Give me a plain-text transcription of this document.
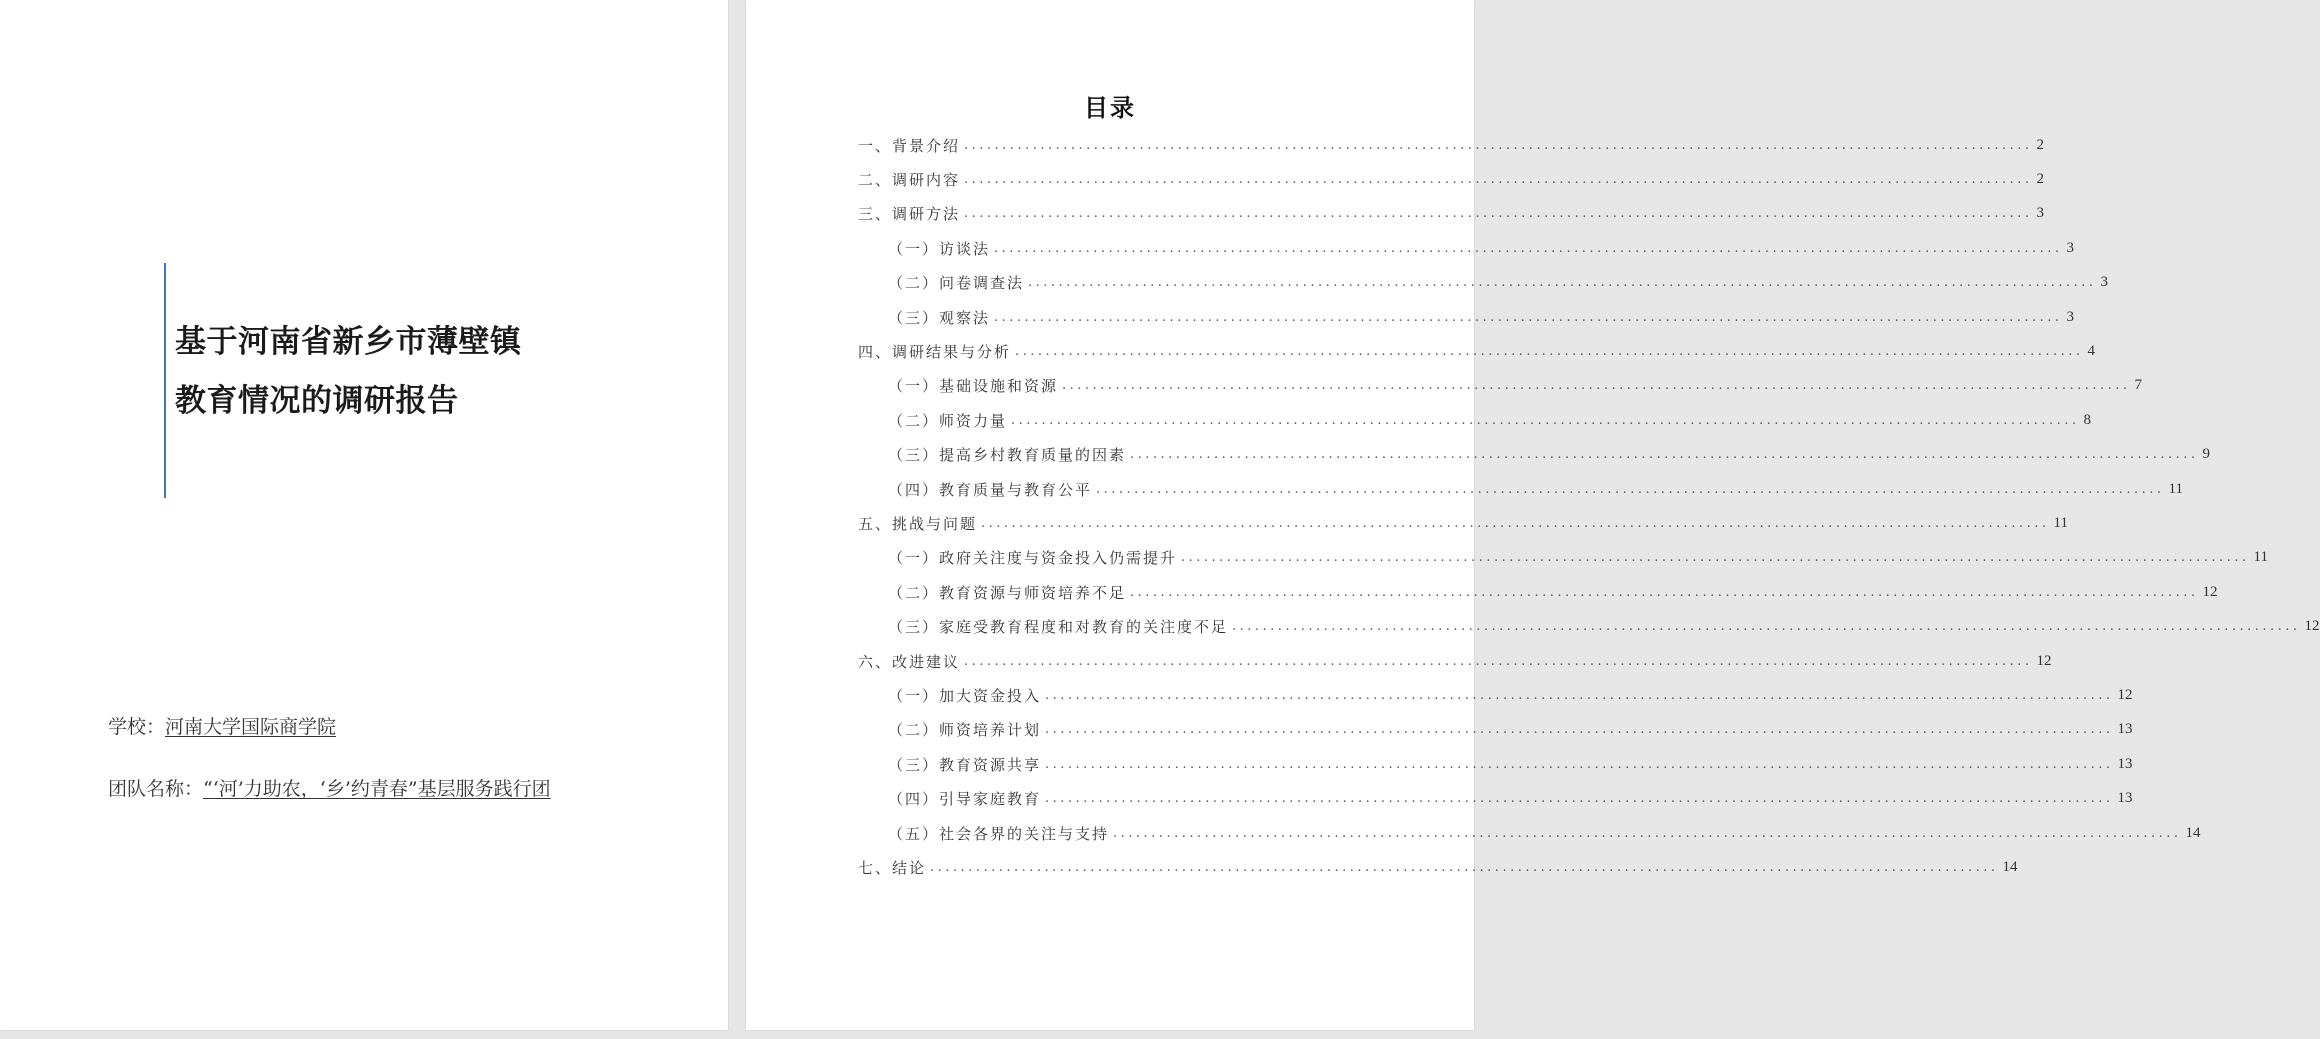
基于河南省新乡市薄壁镇
教育情况的调研报告
学校：河南大学国际商学院
团队名称：“‘河’力助农，‘乡’约青春”基层服务践行团
目录
一、背景介绍 ............................................................................................................................................ 2
二、调研内容 ............................................................................................................................................ 2
三、调研方法 ............................................................................................................................................ 3
（一）访谈法 ............................................................................................................................................ 3
（二）问卷调查法 ............................................................................................................................................ 3
（三）观察法 ............................................................................................................................................ 3
四、调研结果与分析 ............................................................................................................................................ 4
（一）基础设施和资源 ............................................................................................................................................ 7
（二）师资力量 ............................................................................................................................................ 8
（三）提高乡村教育质量的因素 ............................................................................................................................................ 9
（四）教育质量与教育公平 ............................................................................................................................................ 11
五、挑战与问题 ............................................................................................................................................ 11
（一）政府关注度与资金投入仍需提升 ............................................................................................................................................ 11
（二）教育资源与师资培养不足 ............................................................................................................................................ 12
（三）家庭受教育程度和对教育的关注度不足 ............................................................................................................................................ 12
六、改进建议 ............................................................................................................................................ 12
（一）加大资金投入 ............................................................................................................................................ 12
（二）师资培养计划 ............................................................................................................................................ 13
（三）教育资源共享 ............................................................................................................................................ 13
（四）引导家庭教育 ............................................................................................................................................ 13
（五）社会各界的关注与支持 ............................................................................................................................................ 14
七、结论 ............................................................................................................................................ 14
